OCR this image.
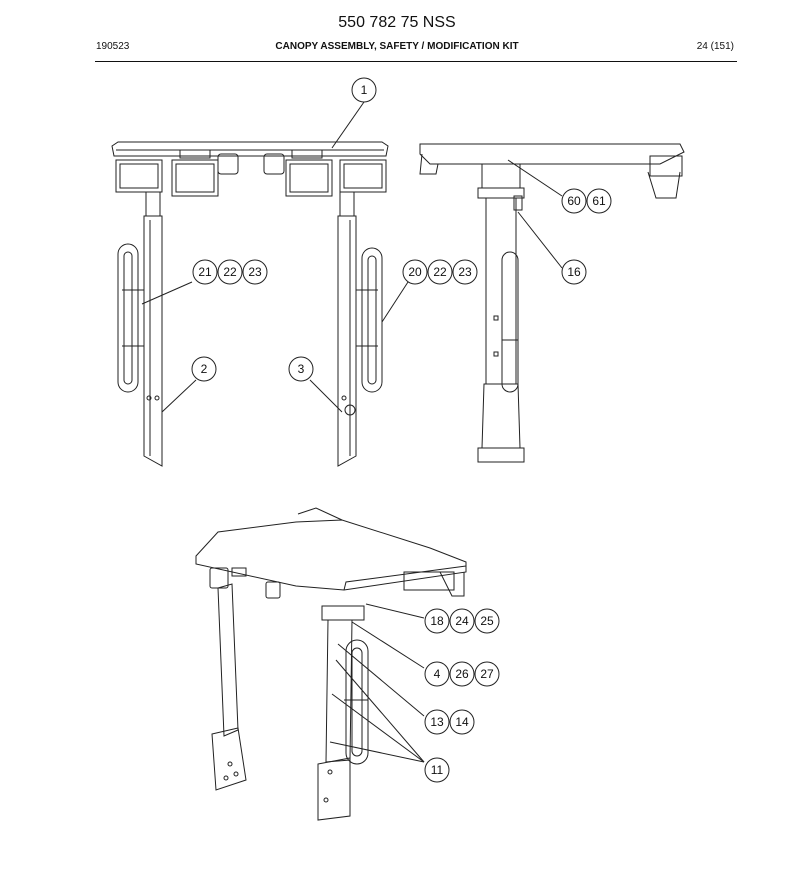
550 782 75 NSS
190523	CANOPY ASSEMBLY, SAFETY / MODIFICATION KIT	24 (151)
1
21 22 23	20 22 23
2	3
60 61
16
18 24 25
4 26 27
13 14
11
